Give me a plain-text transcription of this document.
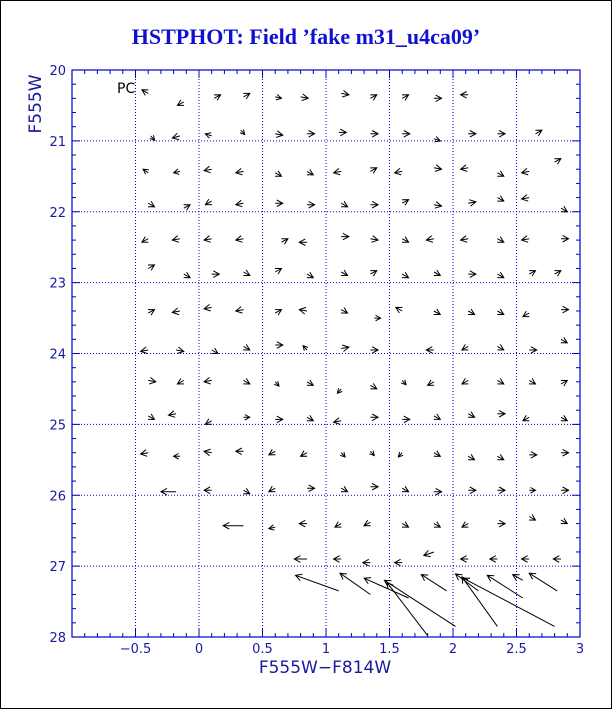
HSTPHOT: Field ’fake m31_u4ca09’
−0.5	0	0.5	1	1.5	2	2.5	3
20
21
22
23
24
25
26
27
28
PC
F555W−F814W
F555W
